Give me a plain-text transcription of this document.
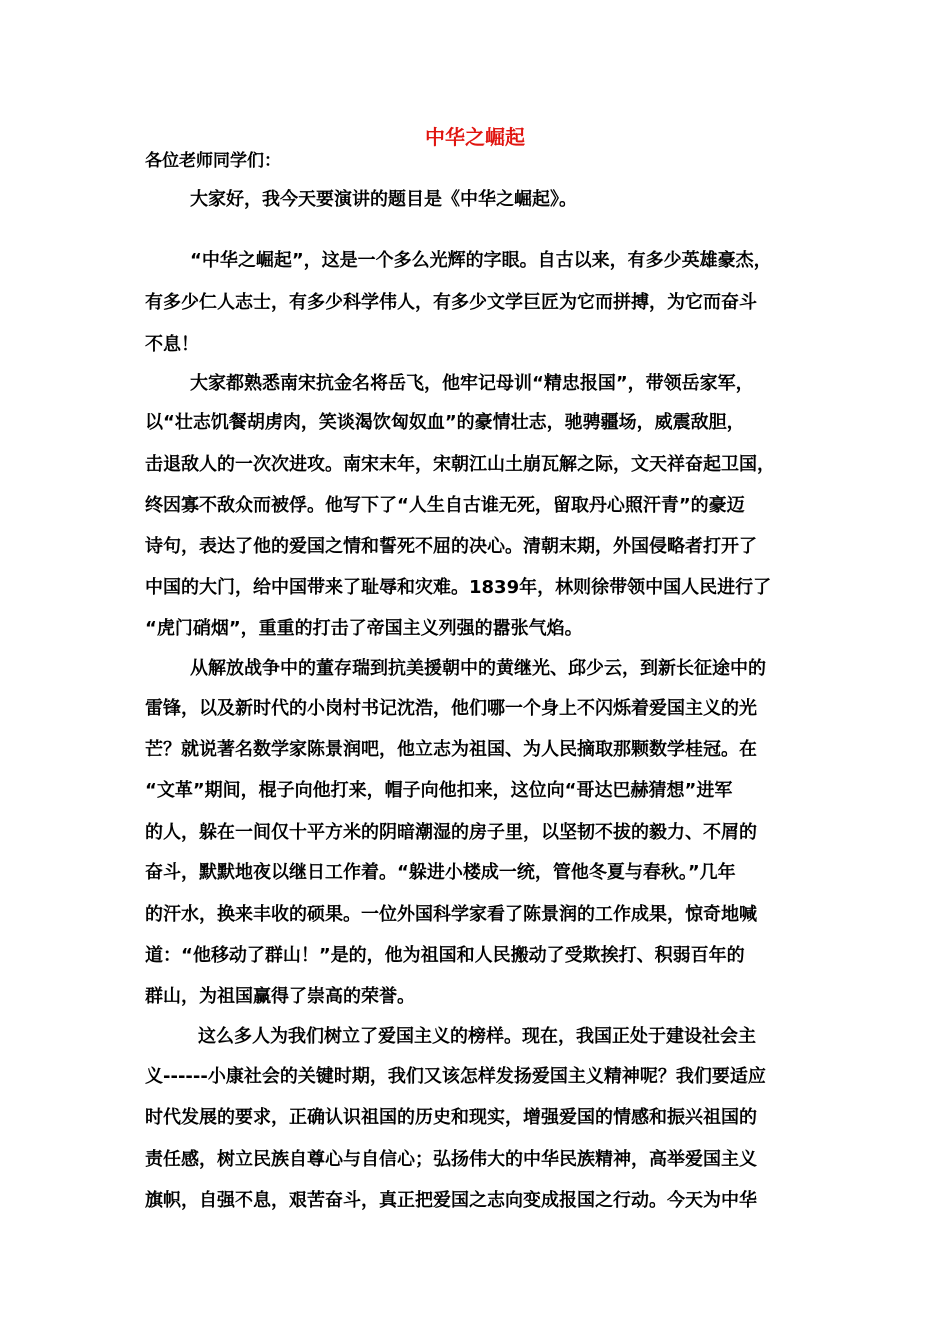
中华之崛起

各位老师同学们：

大家好，我今天要演讲的题目是《中华之崛起》。

“中华之崛起”，这是一个多么光辉的字眼。自古以来，有多少英雄豪杰，

有多少仁人志士，有多少科学伟人，有多少文学巨匠为它而拼搏，为它而奋斗

不息！

大家都熟悉南宋抗金名将岳飞，他牢记母训“精忠报国”，带领岳家军，

以“壮志饥餐胡虏肉，笑谈渴饮匈奴血”的豪情壮志，驰骋疆场，威震敌胆，

击退敌人的一次次进攻。南宋末年，宋朝江山土崩瓦解之际，文天祥奋起卫国，

终因寡不敌众而被俘。他写下了“人生自古谁无死，留取丹心照汗青”的豪迈

诗句，表达了他的爱国之情和誓死不屈的决心。清朝末期，外国侵略者打开了

中国的大门，给中国带来了耻辱和灾难。1839年，林则徐带领中国人民进行了

“虎门硝烟”，重重的打击了帝国主义列强的嚣张气焰。

从解放战争中的董存瑞到抗美援朝中的黄继光、邱少云，到新长征途中的

雷锋，以及新时代的小岗村书记沈浩，他们哪一个身上不闪烁着爱国主义的光

芒？就说著名数学家陈景润吧，他立志为祖国、为人民摘取那颗数学桂冠。在

“文革”期间，棍子向他打来，帽子向他扣来，这位向“哥达巴赫猜想”进军

的人，躲在一间仅十平方米的阴暗潮湿的房子里，以坚韧不拔的毅力、不屑的

奋斗，默默地夜以继日工作着。“躲进小楼成一统，管他冬夏与春秋。”几年

的汗水，换来丰收的硕果。一位外国科学家看了陈景润的工作成果，惊奇地喊

道：“他移动了群山！”是的，他为祖国和人民搬动了受欺挨打、积弱百年的

群山，为祖国赢得了崇高的荣誉。

这么多人为我们树立了爱国主义的榜样。现在，我国正处于建设社会主

义------小康社会的关键时期，我们又该怎样发扬爱国主义精神呢？我们要适应

时代发展的要求，正确认识祖国的历史和现实，增强爱国的情感和振兴祖国的

责任感，树立民族自尊心与自信心；弘扬伟大的中华民族精神，高举爱国主义

旗帜，自强不息，艰苦奋斗，真正把爱国之志向变成报国之行动。今天为中华
